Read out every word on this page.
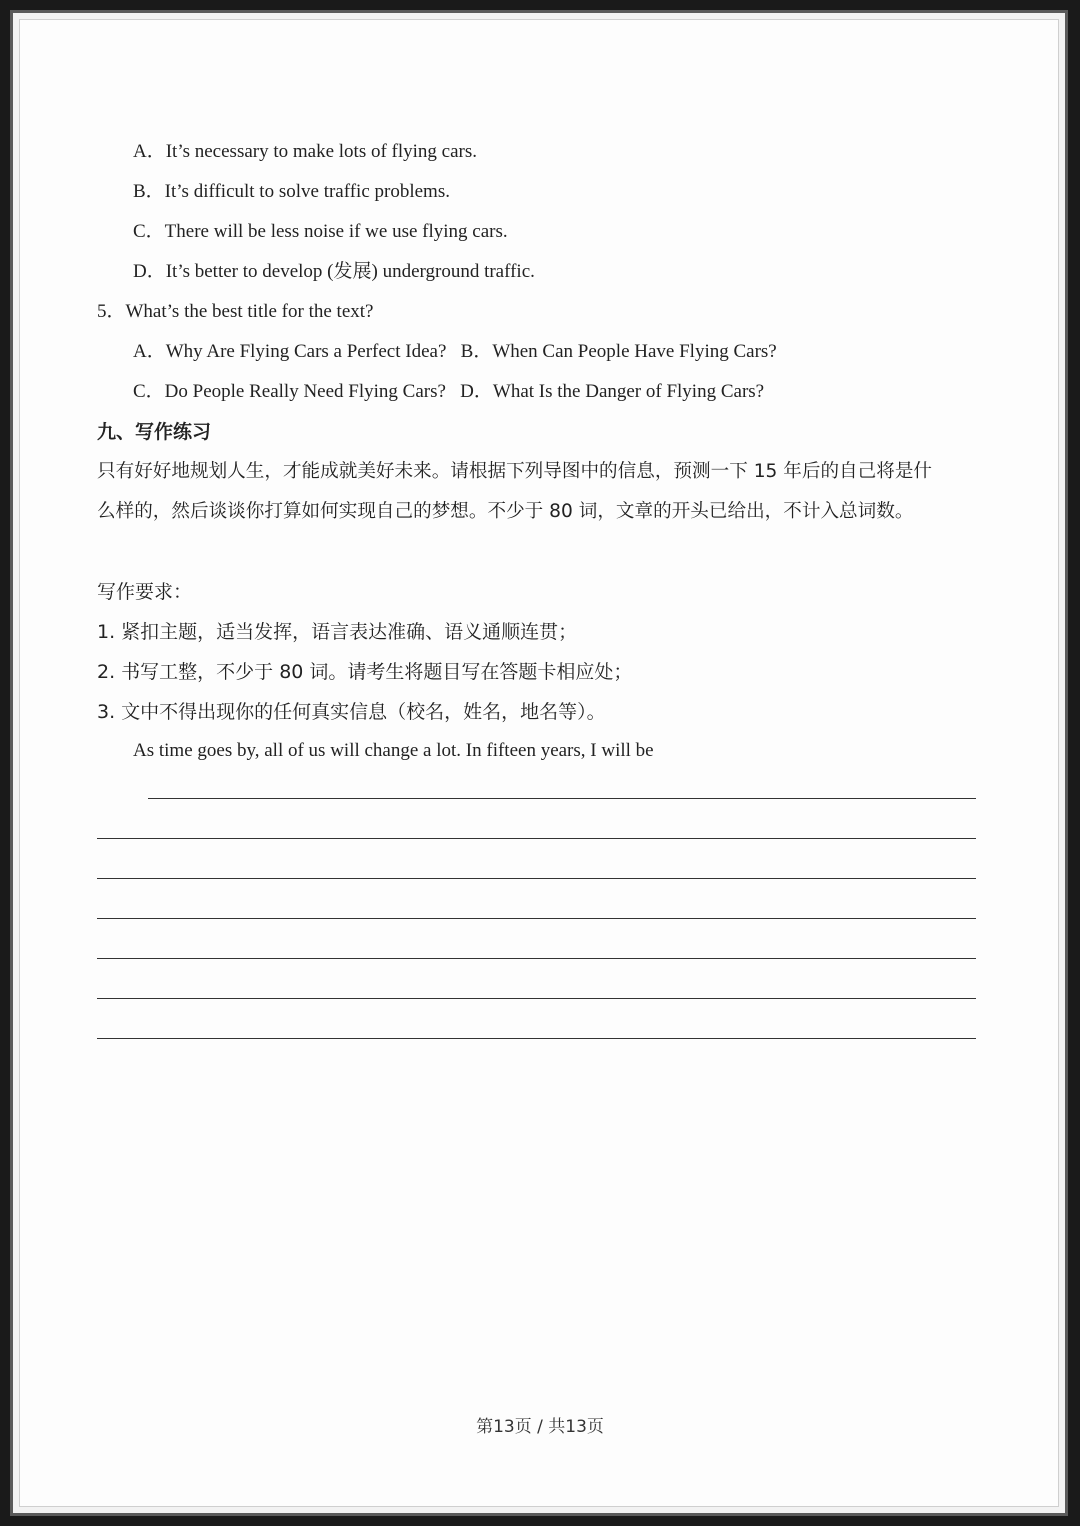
A．It’s necessary to make lots of flying cars.
B．It’s difficult to solve traffic problems.
C．There will be less noise if we use flying cars.
D．It’s better to develop (发展) underground traffic.
5．What’s the best title for the text?
A．Why Are Flying Cars a Perfect Idea?   B．When Can People Have Flying Cars?
C．Do People Really Need Flying Cars?   D．What Is the Danger of Flying Cars?
九、写作练习
只有好好地规划人生，才能成就美好未来。请根据下列导图中的信息，预测一下 15 年后的自己将是什
么样的，然后谈谈你打算如何实现自己的梦想。不少于 80 词，文章的开头已给出，不计入总词数。
写作要求：
1. 紧扣主题，适当发挥，语言表达准确、语义通顺连贯；
2. 书写工整，不少于 80 词。请考生将题目写在答题卡相应处；
3. 文中不得出现你的任何真实信息（校名，姓名，地名等）。
As time goes by, all of us will change a lot. In fifteen years, I will be
第13页 / 共13页
